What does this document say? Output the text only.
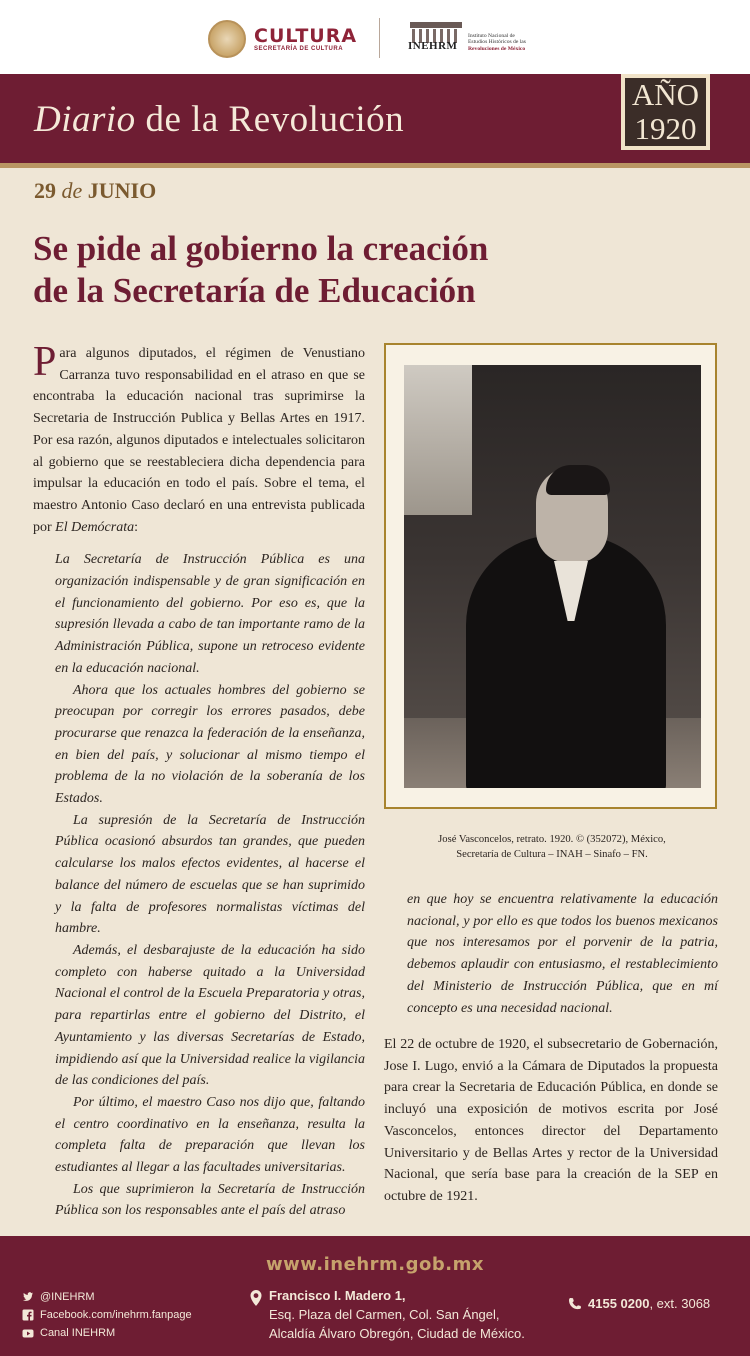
CULTURA
SECRETARÍA DE CULTURA	INEHRM
Instituto Nacional de
Estudios Históricos de las
Revoluciones de México
Diario de la Revolución
AÑO
1920
29 de JUNIO
Se pide al gobierno la creación
de la Secretaría de Educación

Para algunos diputados, el régimen de Venustiano Carranza tuvo responsabilidad en el atraso en que se encontraba la educación nacional tras suprimirse la Secretaria de Instrucción Publica y Bellas Artes en 1917. Por esa razón, algunos diputados e intelectuales solicitaron al gobierno que se reestableciera dicha dependencia para impulsar la educación en todo el país. Sobre el tema, el maestro Antonio Caso declaró en una entrevista publicada por El Demócrata:

La Secretaría de Instrucción Pública es una organización indispensable y de gran significación en el funcionamiento del gobierno. Por eso es, que la supresión llevada a cabo de tan importante ramo de la Administración Pública, supone un retroceso evidente en la educación nacional.

Ahora que los actuales hombres del gobierno se preocupan por corregir los errores pasados, debe procurarse que renazca la federación de la enseñanza, en bien del país, y solucionar al mismo tiempo el problema de la no violación de la soberanía de los Estados.

La supresión de la Secretaría de Instrucción Pública ocasionó absurdos tan grandes, que pueden calcularse los malos efectos evidentes, al hacerse el balance del número de escuelas que se han suprimido y la falta de profesores normalistas víctimas del hambre.

Además, el desbarajuste de la educación ha sido completo con haberse quitado a la Universidad Nacional el control de la Escuela Preparatoria y otras, para repartirlas entre el gobierno del Distrito, el Ayuntamiento y las diversas Secretarías de Estado, impidiendo así que la Universidad realice la vigilancia de las condiciones del país.

Por último, el maestro Caso nos dijo que, faltando el centro coordinativo en la enseñanza, resulta la completa falta de preparación que llevan los estudiantes al llegar a las facultades universitarias.

Los que suprimieron la Secretaría de Instrucción Pública son los responsables ante el país del atraso

José Vasconcelos, retrato. 1920. © (352072), México,
Secretaría de Cultura – INAH – Sinafo – FN.

en que hoy se encuentra relativamente la educación nacional, y por ello es que todos los buenos mexicanos que nos interesamos por el porvenir de la patria, debemos aplaudir con entusiasmo, el restablecimiento del Ministerio de Instrucción Pública, que en mí concepto es una necesidad nacional.

El 22 de octubre de 1920, el subsecretario de Gobernación, Jose I. Lugo, envió a la Cámara de Diputados la propuesta para crear la Secretaria de Educación Pública, en donde se incluyó una exposición de motivos escrita por José Vasconcelos, entonces director del Departamento Universitario y de Bellas Artes y rector de la Universidad Nacional, que sería base para la creación de la SEP en octubre de 1921.

www.inehrm.gob.mx
@INEHRM
Facebook.com/inehrm.fanpage
Canal INEHRM
Francisco I. Madero 1,
Esq. Plaza del Carmen, Col. San Ángel,
Alcaldía Álvaro Obregón, Ciudad de México.
4155 0200, ext. 3068
